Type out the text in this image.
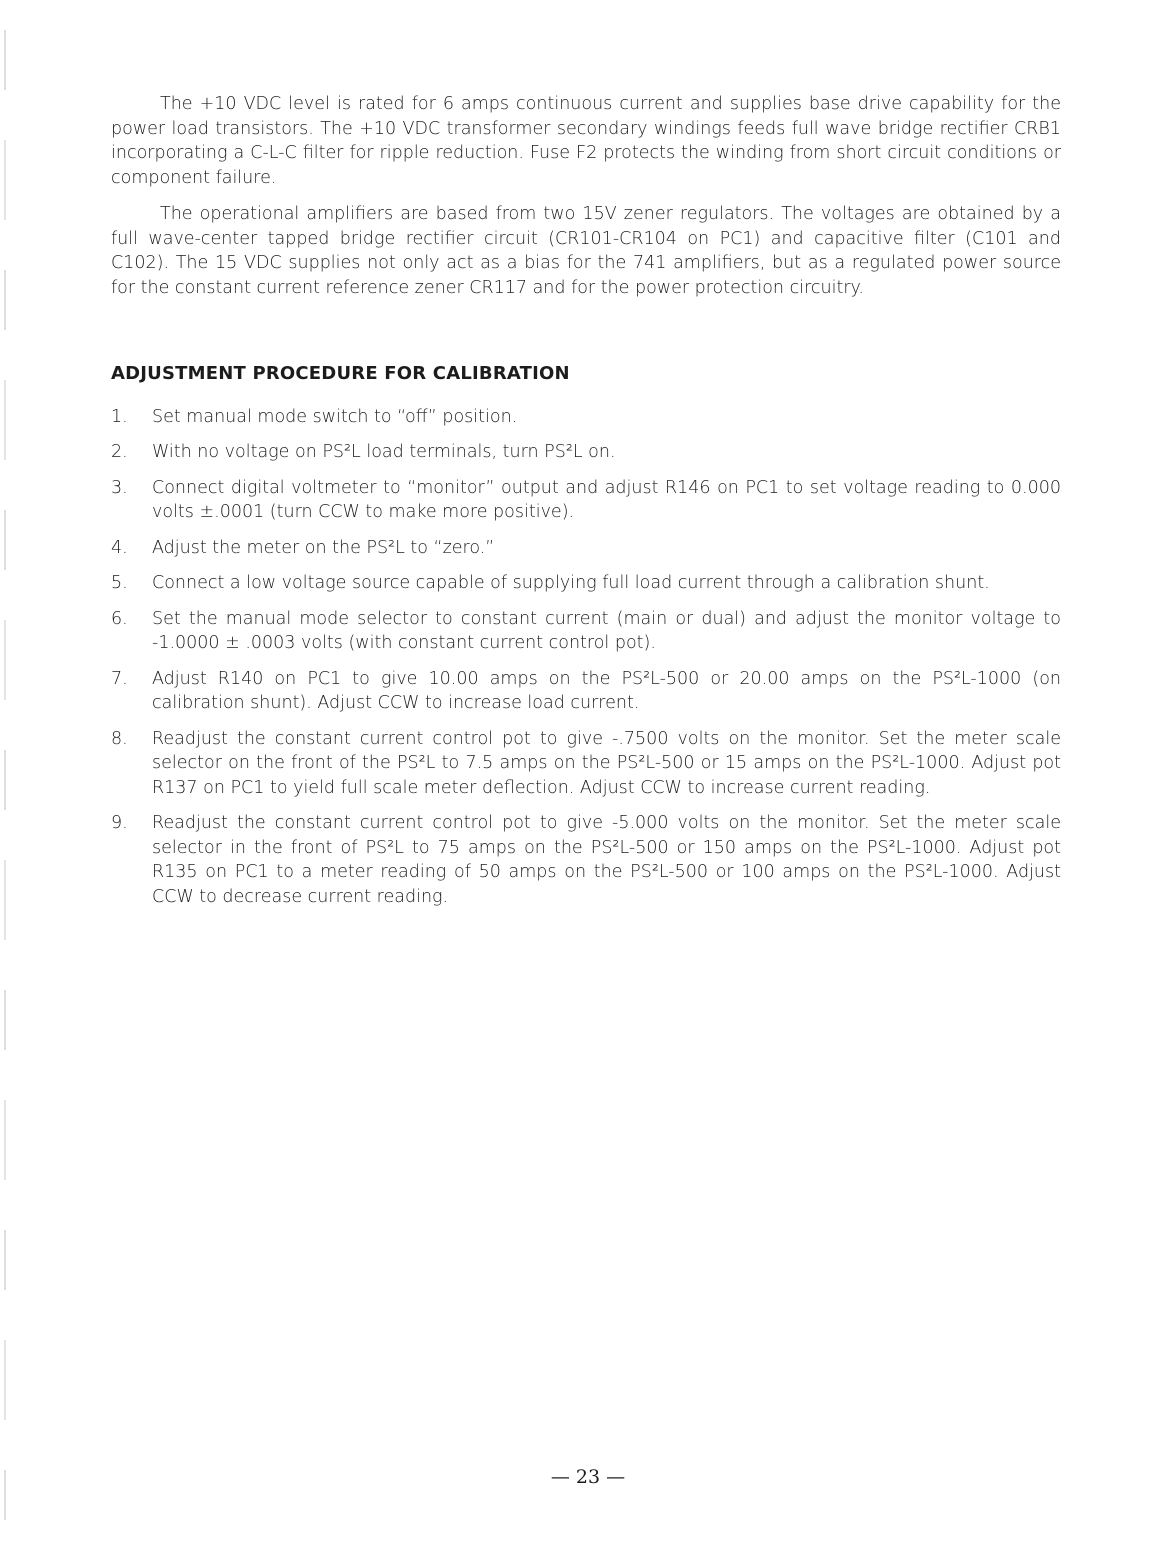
The +10 VDC level is rated for 6 amps continuous current and supplies base drive capability for the power load transistors. The +10 VDC transformer secondary windings feeds full wave bridge rectifier CRB1 incorporating a C-L-C filter for ripple reduction. Fuse F2 protects the winding from short circuit conditions or component failure.

The operational amplifiers are based from two 15V zener regulators. The voltages are obtained by a full wave-center tapped bridge rectifier circuit (CR101-CR104 on PC1) and capacitive filter (C101 and C102). The 15 VDC supplies not only act as a bias for the 741 amplifiers, but as a regulated power source for the constant current reference zener CR117 and for the power protection circuitry.

ADJUSTMENT PROCEDURE FOR CALIBRATION
1. Set manual mode switch to “off” position.
2. With no voltage on PS²L load terminals, turn PS²L on.
3. Connect digital voltmeter to “monitor” output and adjust R146 on PC1 to set voltage reading to 0.000 volts ±.0001 (turn CCW to make more positive).
4. Adjust the meter on the PS²L to “zero.”
5. Connect a low voltage source capable of supplying full load current through a calibration shunt.
6. Set the manual mode selector to constant current (main or dual) and adjust the monitor voltage to -1.0000 ± .0003 volts (with constant current control pot).
7. Adjust R140 on PC1 to give 10.00 amps on the PS²L-500 or 20.00 amps on the PS²L-1000 (on calibration shunt). Adjust CCW to increase load current.
8. Readjust the constant current control pot to give -.7500 volts on the monitor. Set the meter scale selector on the front of the PS²L to 7.5 amps on the PS²L-500 or 15 amps on the PS²L-1000. Adjust pot R137 on PC1 to yield full scale meter deflection. Adjust CCW to increase current reading.
9. Readjust the constant current control pot to give -5.000 volts on the monitor. Set the meter scale selector in the front of PS²L to 75 amps on the PS²L-500 or 150 amps on the PS²L-1000. Adjust pot R135 on PC1 to a meter reading of 50 amps on the PS²L-500 or 100 amps on the PS²L-1000. Adjust CCW to decrease current reading.
— 23 —
